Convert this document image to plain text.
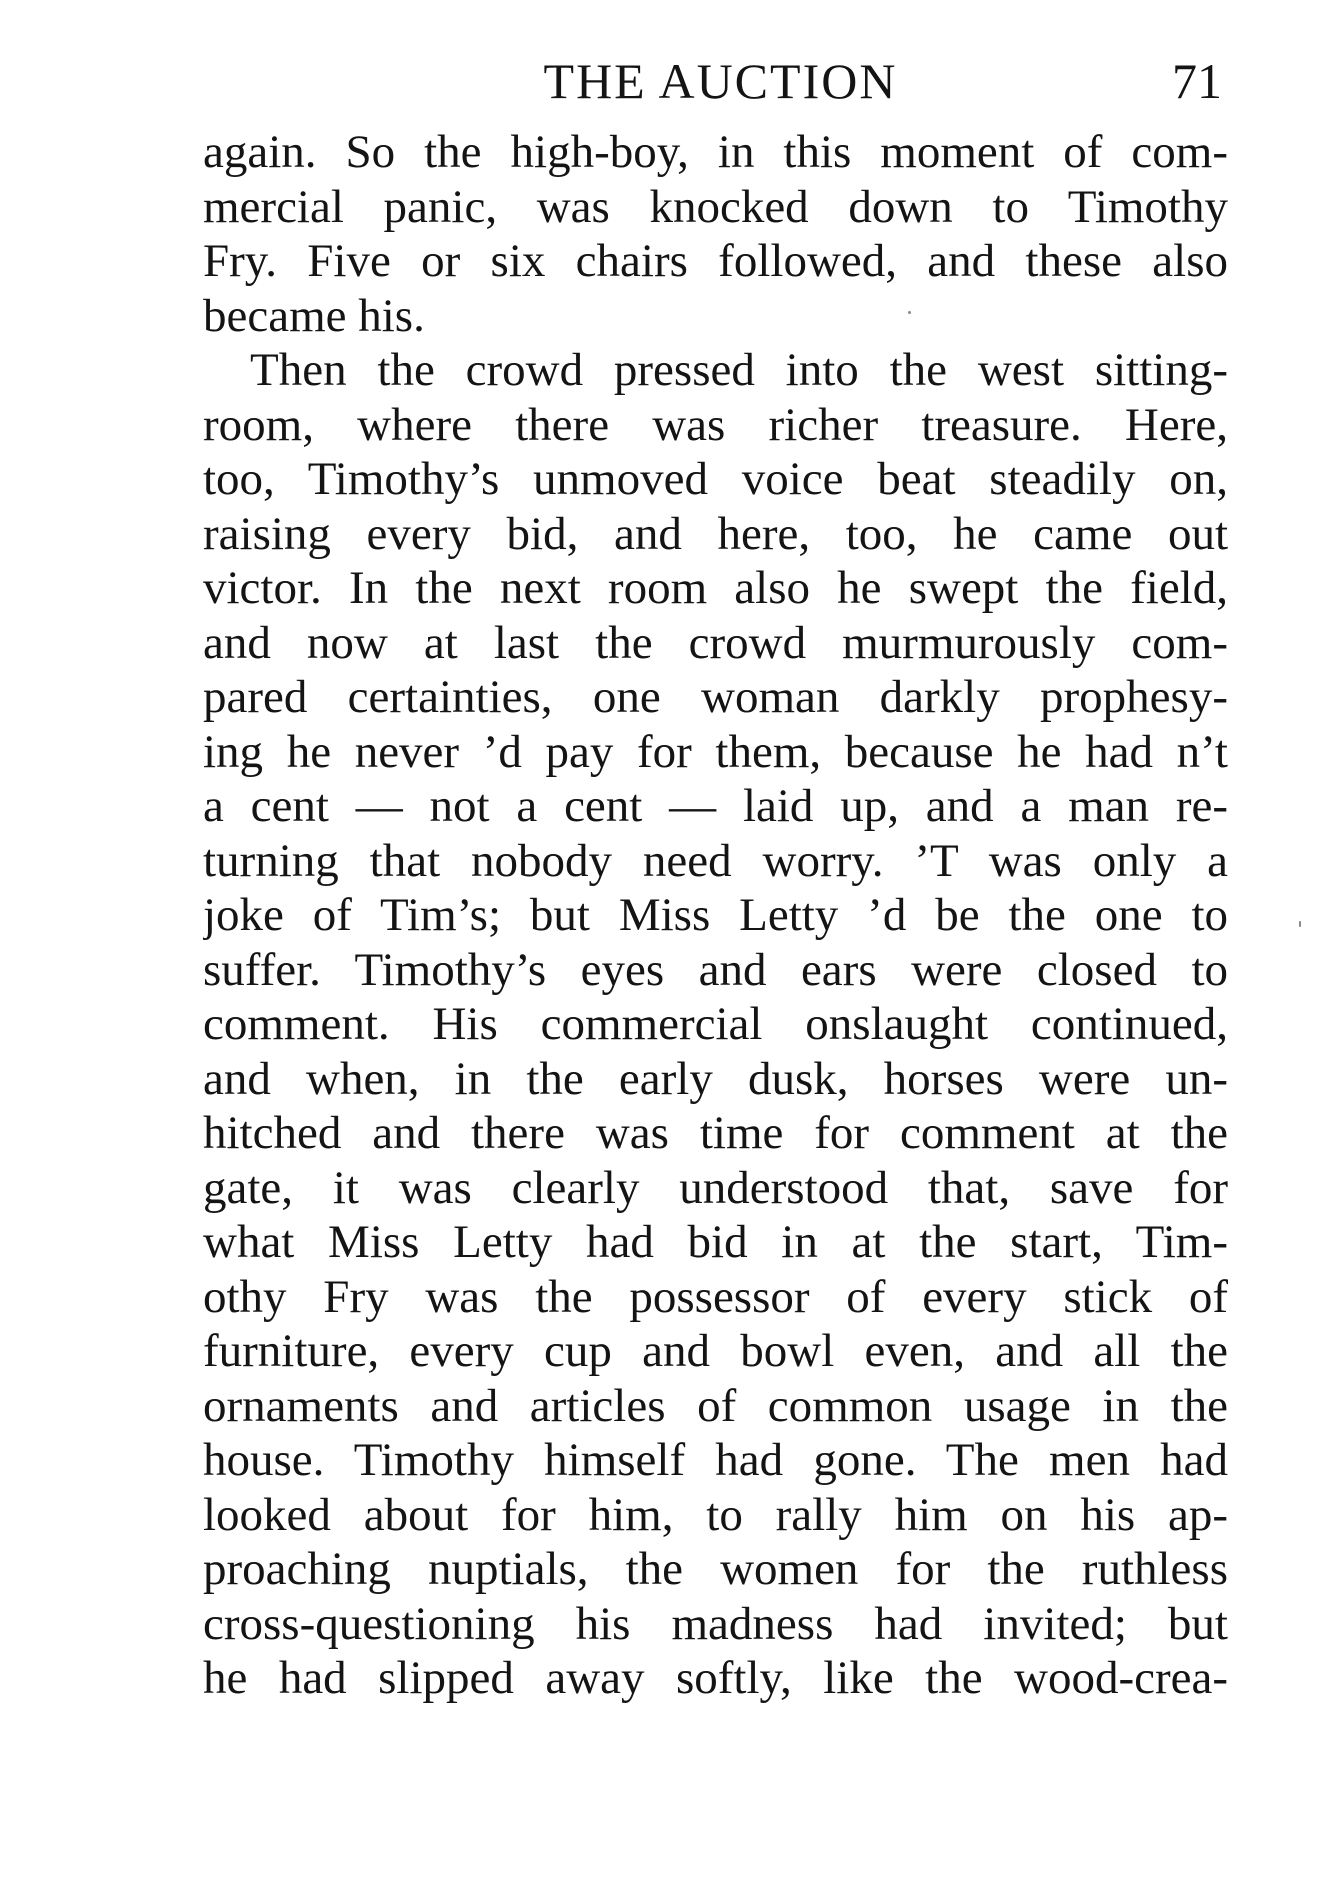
THE AUCTION	71
again. So the high-boy, in this moment of com-
mercial panic, was knocked down to Timothy
Fry. Five or six chairs followed, and these also
became his.
Then the crowd pressed into the west sitting-
room, where there was richer treasure. Here,
too, Timothy’s unmoved voice beat steadily on,
raising every bid, and here, too, he came out
victor. In the next room also he swept the field,
and now at last the crowd murmurously com-
pared certainties, one woman darkly prophesy-
ing he never ’d pay for them, because he had n’t
a cent — not a cent — laid up, and a man re-
turning that nobody need worry. ’T was only a
joke of Tim’s; but Miss Letty ’d be the one to
suffer. Timothy’s eyes and ears were closed to
comment. His commercial onslaught continued,
and when, in the early dusk, horses were un-
hitched and there was time for comment at the
gate, it was clearly understood that, save for
what Miss Letty had bid in at the start, Tim-
othy Fry was the possessor of every stick of
furniture, every cup and bowl even, and all the
ornaments and articles of common usage in the
house. Timothy himself had gone. The men had
looked about for him, to rally him on his ap-
proaching nuptials, the women for the ruthless
cross-questioning his madness had invited; but
he had slipped away softly, like the wood-crea-
